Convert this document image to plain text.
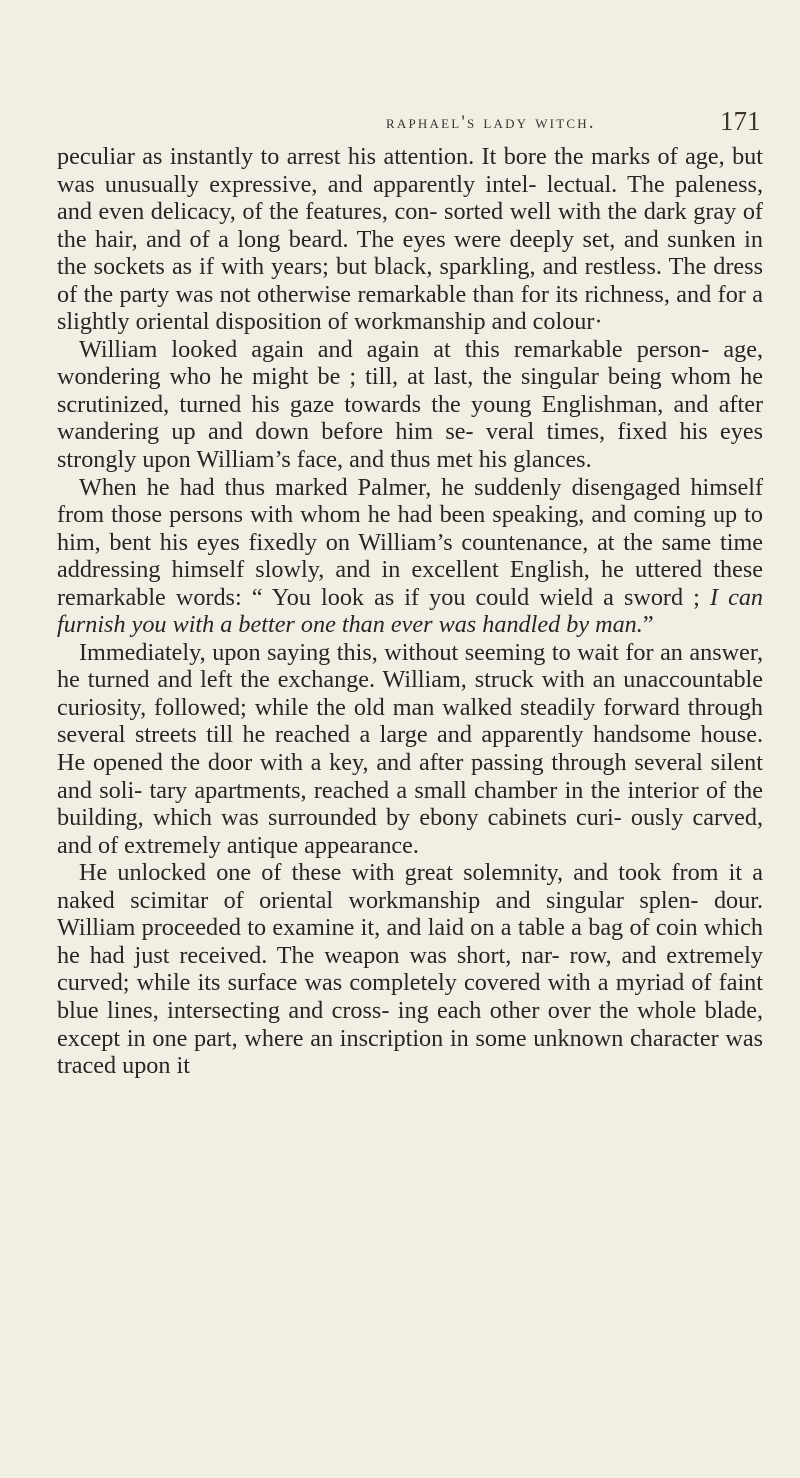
raphael's lady witch.	171

peculiar as instantly to arrest his attention. It bore the marks of age, but was unusually expressive, and apparently intel- lectual. The paleness, and even delicacy, of the features, con- sorted well with the dark gray of the hair, and of a long beard. The eyes were deeply set, and sunken in the sockets as if with years; but black, sparkling, and restless. The dress of the party was not otherwise remarkable than for its richness, and for a slightly oriental disposition of workmanship and colour·

William looked again and again at this remarkable person- age, wondering who he might be ; till, at last, the singular being whom he scrutinized, turned his gaze towards the young Englishman, and after wandering up and down before him se- veral times, fixed his eyes strongly upon William’s face, and thus met his glances.

When he had thus marked Palmer, he suddenly disengaged himself from those persons with whom he had been speaking, and coming up to him, bent his eyes fixedly on William’s countenance, at the same time addressing himself slowly, and in excellent English, he uttered these remarkable words: “ You look as if you could wield a sword ; I can furnish you with a better one than ever was handled by man.”

Immediately, upon saying this, without seeming to wait for an answer, he turned and left the exchange. William, struck with an unaccountable curiosity, followed; while the old man walked steadily forward through several streets till he reached a large and apparently handsome house. He opened the door with a key, and after passing through several silent and soli- tary apartments, reached a small chamber in the interior of the building, which was surrounded by ebony cabinets curi- ously carved, and of extremely antique appearance.

He unlocked one of these with great solemnity, and took from it a naked scimitar of oriental workmanship and singular splen- dour. William proceeded to examine it, and laid on a table a bag of coin which he had just received. The weapon was short, nar- row, and extremely curved; while its surface was completely covered with a myriad of faint blue lines, intersecting and cross- ing each other over the whole blade, except in one part, where an inscription in some unknown character was traced upon it
